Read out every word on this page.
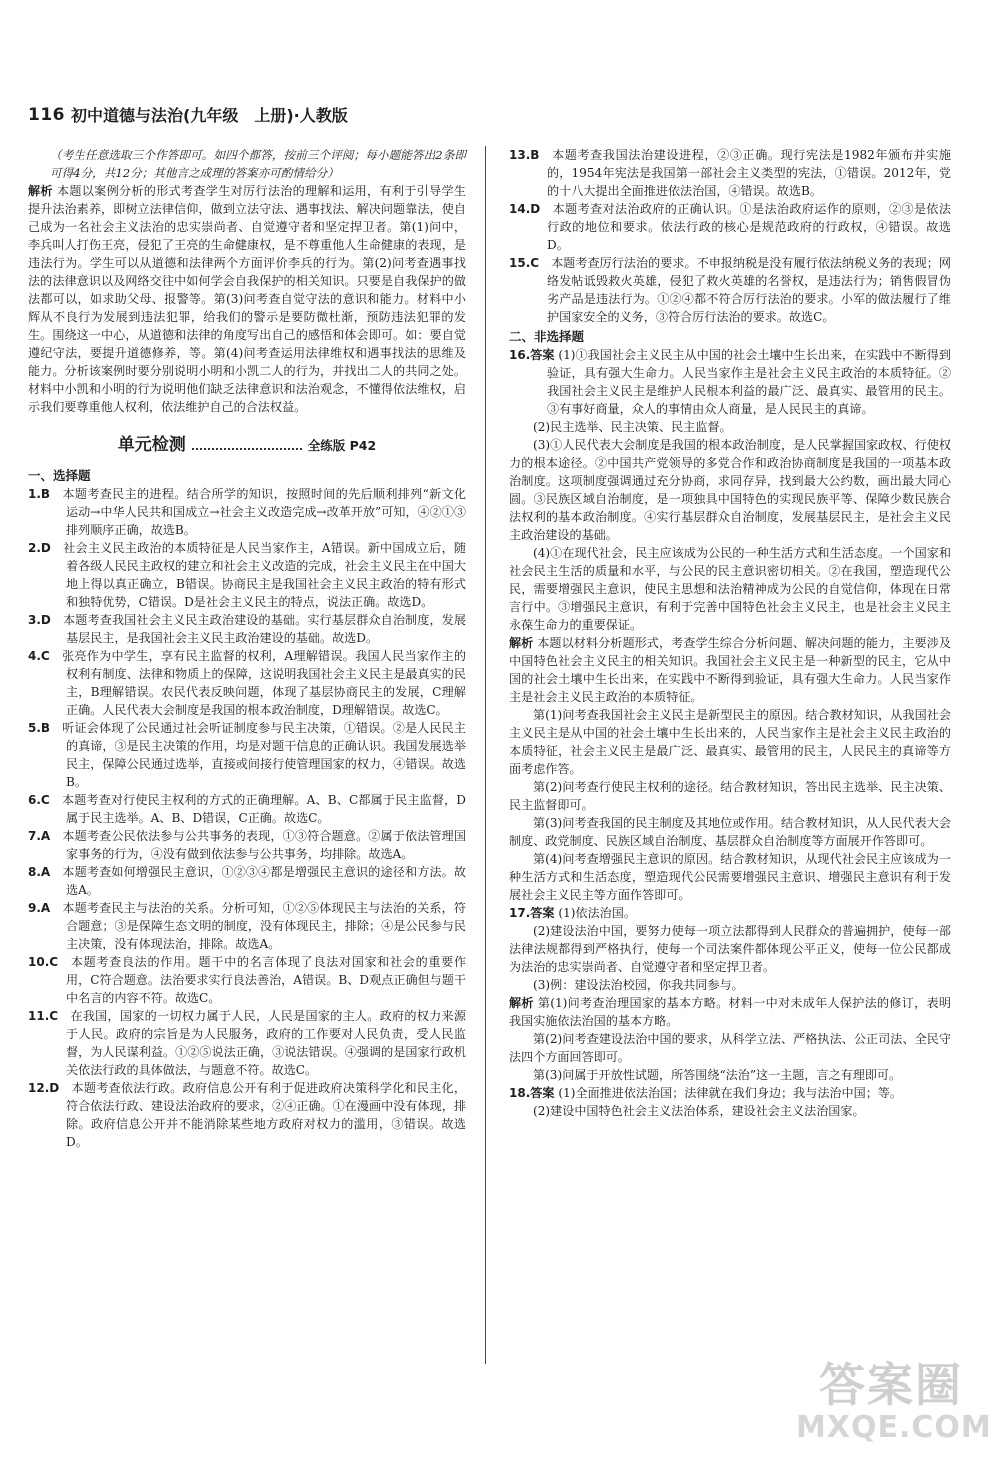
116 初中道德与法治(九年级　上册)·人教版

（考生任意选取三个作答即可。如四个都答，按前三个评阅；每小题能答出2条即可得4分，共12分；其他言之成理的答案亦可酌情给分）

解析 本题以案例分析的形式考查学生对厉行法治的理解和运用，有利于引导学生提升法治素养，即树立法律信仰，做到立法守法、遇事找法、解决问题靠法，使自己成为一名社会主义法治的忠实崇尚者、自觉遵守者和坚定捍卫者。第(1)问中，李兵叫人打伤王亮，侵犯了王亮的生命健康权，是不尊重他人生命健康的表现，是违法行为。学生可以从道德和法律两个方面评价李兵的行为。第(2)问考查遇事找法的法律意识以及网络交往中如何学会自我保护的相关知识。只要是自我保护的做法都可以，如求助父母、报警等。第(3)问考查自觉守法的意识和能力。材料中小辉从不良行为发展到违法犯罪，给我们的警示是要防微杜渐，预防违法犯罪的发生。围绕这一中心，从道德和法律的角度写出自己的感悟和体会即可。如：要自觉遵纪守法，要提升道德修养，等。第(4)问考查运用法律维权和遇事找法的思维及能力。分析该案例时要分别说明小明和小凯二人的行为，并找出二人的共同之处。材料中小凯和小明的行为说明他们缺乏法律意识和法治观念，不懂得依法维权，启示我们要尊重他人权利，依法维护自己的合法权益。

单元检测	全练版 P42

一、选择题

1.B  本题考查民主的进程。结合所学的知识，按照时间的先后顺利排列“新文化运动→中华人民共和国成立→社会主义改造完成→改革开放”可知，④②①③排列顺序正确，故选B。

2.D  社会主义民主政治的本质特征是人民当家作主，A错误。新中国成立后，随着各级人民民主政权的建立和社会主义改造的完成，社会主义民主在中国大地上得以真正确立，B错误。协商民主是我国社会主义民主政治的特有形式和独特优势，C错误。D是社会主义民主的特点，说法正确。故选D。

3.D  本题考查我国社会主义民主政治建设的基础。实行基层群众自治制度，发展基层民主，是我国社会主义民主政治建设的基础。故选D。

4.C  张亮作为中学生，享有民主监督的权利，A理解错误。我国人民当家作主的权利有制度、法律和物质上的保障，这说明我国社会主义民主是最真实的民主，B理解错误。农民代表反映问题，体现了基层协商民主的发展，C理解正确。人民代表大会制度是我国的根本政治制度，D理解错误。故选C。

5.B  听证会体现了公民通过社会听证制度参与民主决策，①错误。②是人民民主的真谛，③是民主决策的作用，均是对题干信息的正确认识。我国发展选举民主，保障公民通过选举，直接或间接行使管理国家的权力，④错误。故选B。

6.C  本题考查对行使民主权利的方式的正确理解。A、B、C都属于民主监督，D属于民主选举。A、B、D错误，C正确。故选C。

7.A  本题考查公民依法参与公共事务的表现，①③符合题意。②属于依法管理国家事务的行为，④没有做到依法参与公共事务，均排除。故选A。

8.A  本题考查如何增强民主意识，①②③④都是增强民主意识的途径和方法。故选A。

9.A  本题考查民主与法治的关系。分析可知，①②⑤体现民主与法治的关系，符合题意；③是保障生态文明的制度，没有体现民主，排除；④是公民参与民主决策，没有体现法治，排除。故选A。

10.C  本题考查良法的作用。题干中的名言体现了良法对国家和社会的重要作用，C符合题意。法治要求实行良法善治，A错误。B、D观点正确但与题干中名言的内容不符。故选C。

11.C  在我国，国家的一切权力属于人民，人民是国家的主人。政府的权力来源于人民。政府的宗旨是为人民服务，政府的工作要对人民负责，受人民监督，为人民谋利益。①②⑤说法正确，③说法错误。④强调的是国家行政机关依法行政的具体做法，与题意不符。故选C。

12.D  本题考查依法行政。政府信息公开有利于促进政府决策科学化和民主化，符合依法行政、建设法治政府的要求，②④正确。①在漫画中没有体现，排除。政府信息公开并不能消除某些地方政府对权力的滥用，③错误。故选D。

13.B  本题考查我国法治建设进程，②③正确。现行宪法是1982年颁布并实施的，1954年宪法是我国第一部社会主义类型的宪法，①错误。2012年，党的十八大提出全面推进依法治国，④错误。故选B。

14.D  本题考查对法治政府的正确认识。①是法治政府运作的原则，②③是依法行政的地位和要求。依法行政的核心是规范政府的行政权，④错误。故选D。

15.C  本题考查厉行法治的要求。不申报纳税是没有履行依法纳税义务的表现；网络发帖诋毁救火英雄，侵犯了救火英雄的名誉权，是违法行为；销售假冒伪劣产品是违法行为。①②④都不符合厉行法治的要求。小军的做法履行了维护国家安全的义务，③符合厉行法治的要求。故选C。

二、非选择题

16.答案 (1)①我国社会主义民主从中国的社会土壤中生长出来，在实践中不断得到验证，具有强大生命力。人民当家作主是社会主义民主政治的本质特征。②我国社会主义民主是维护人民根本利益的最广泛、最真实、最管用的民主。③有事好商量，众人的事情由众人商量，是人民民主的真谛。

(2)民主选举、民主决策、民主监督。

(3)①人民代表大会制度是我国的根本政治制度，是人民掌握国家政权、行使权力的根本途径。②中国共产党领导的多党合作和政治协商制度是我国的一项基本政治制度。这项制度强调通过充分协商，求同存异，找到最大公约数，画出最大同心圆。③民族区域自治制度，是一项独具中国特色的实现民族平等、保障少数民族合法权利的基本政治制度。④实行基层群众自治制度，发展基层民主，是社会主义民主政治建设的基础。

(4)①在现代社会，民主应该成为公民的一种生活方式和生活态度。一个国家和社会民主生活的质量和水平，与公民的民主意识密切相关。②在我国，塑造现代公民，需要增强民主意识，使民主思想和法治精神成为公民的自觉信仰，体现在日常言行中。③增强民主意识，有利于完善中国特色社会主义民主，也是社会主义民主永葆生命力的重要保证。

解析 本题以材料分析题形式，考查学生综合分析问题、解决问题的能力，主要涉及中国特色社会主义民主的相关知识。我国社会主义民主是一种新型的民主，它从中国的社会土壤中生长出来，在实践中不断得到验证，具有强大生命力。人民当家作主是社会主义民主政治的本质特征。

第(1)问考查我国社会主义民主是新型民主的原因。结合教材知识，从我国社会主义民主是从中国的社会土壤中生长出来的，人民当家作主是社会主义民主政治的本质特征，社会主义民主是最广泛、最真实、最管用的民主，人民民主的真谛等方面考虑作答。

第(2)问考查行使民主权利的途径。结合教材知识，答出民主选举、民主决策、民主监督即可。

第(3)问考查我国的民主制度及其地位或作用。结合教材知识，从人民代表大会制度、政党制度、民族区域自治制度、基层群众自治制度等方面展开作答即可。

第(4)问考查增强民主意识的原因。结合教材知识，从现代社会民主应该成为一种生活方式和生活态度，塑造现代公民需要增强民主意识、增强民主意识有利于发展社会主义民主等方面作答即可。

17.答案 (1)依法治国。

(2)建设法治中国，要努力使每一项立法都得到人民群众的普遍拥护，使每一部法律法规都得到严格执行，使每一个司法案件都体现公平正义，使每一位公民都成为法治的忠实崇尚者、自觉遵守者和坚定捍卫者。

(3)例：建设法治校园，你我共同参与。

解析 第(1)问考查治理国家的基本方略。材料一中对未成年人保护法的修订，表明我国实施依法治国的基本方略。

第(2)问考查建设法治中国的要求，从科学立法、严格执法、公正司法、全民守法四个方面回答即可。

第(3)问属于开放性试题，所答围绕“法治”这一主题，言之有理即可。

18.答案 (1)全面推进依法治国；法律就在我们身边；我与法治中国；等。

(2)建设中国特色社会主义法治体系，建设社会主义法治国家。

答案圈
MXQE.COM
